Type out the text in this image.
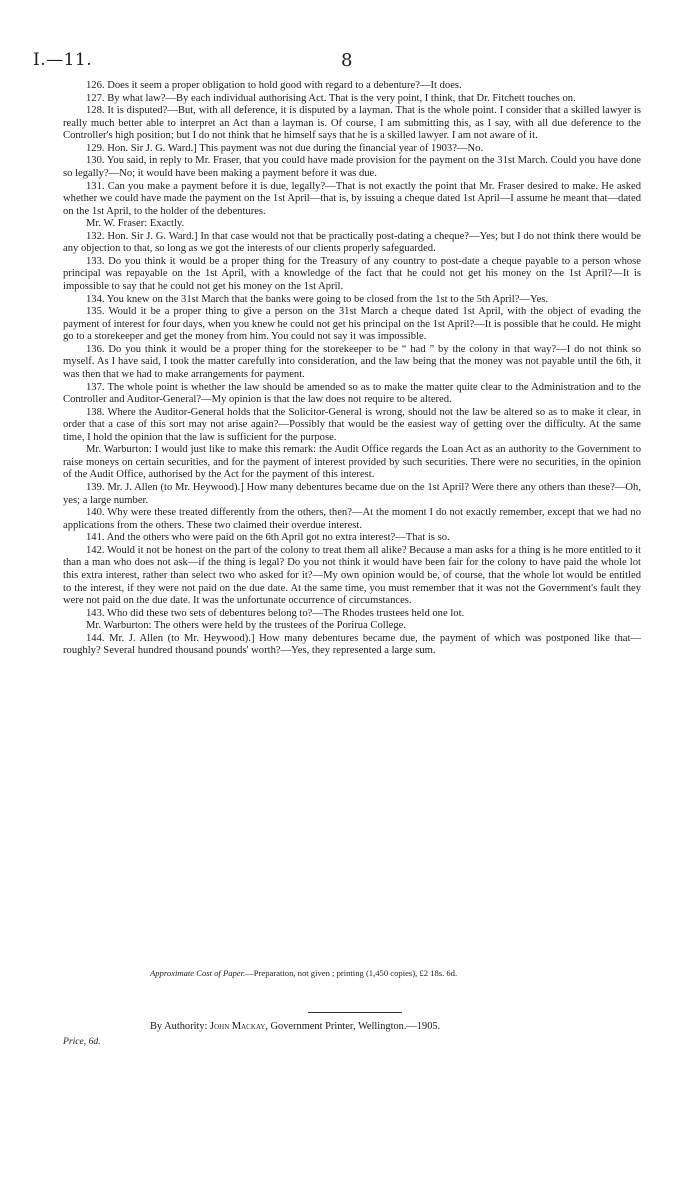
I.—11.	8

126. Does it seem a proper obligation to hold good with regard to a debenture?—It does.

127. By what law?—By each individual authorising Act. That is the very point, I think, that Dr. Fitchett touches on.

128. It is disputed?—But, with all deference, it is disputed by a layman. That is the whole point. I consider that a skilled lawyer is really much better able to interpret an Act than a layman is. Of course, I am submitting this, as I say, with all due deference to the Controller's high position; but I do not think that he himself says that he is a skilled lawyer. I am not aware of it.

129. Hon. Sir J. G. Ward.] This payment was not due during the financial year of 1903?—No.

130. You said, in reply to Mr. Fraser, that you could have made provision for the payment on the 31st March. Could you have done so legally?—No; it would have been making a payment before it was due.

131. Can you make a payment before it is due, legally?—That is not exactly the point that Mr. Fraser desired to make. He asked whether we could have made the payment on the 1st April—that is, by issuing a cheque dated 1st April—I assume he meant that—dated on the 1st April, to the holder of the debentures.

Mr. W. Fraser: Exactly.

132. Hon. Sir J. G. Ward.] In that case would not that be practically post-dating a cheque?—Yes; but I do not think there would be any objection to that, so long as we got the interests of our clients properly safeguarded.

133. Do you think it would be a proper thing for the Treasury of any country to post-date a cheque payable to a person whose principal was repayable on the 1st April, with a knowledge of the fact that he could not get his money on the 1st April?—It is impossible to say that he could not get his money on the 1st April.

134. You knew on the 31st March that the banks were going to be closed from the 1st to the 5th April?—Yes.

135. Would it be a proper thing to give a person on the 31st March a cheque dated 1st April, with the object of evading the payment of interest for four days, when you knew he could not get his principal on the 1st April?—It is possible that he could. He might go to a storekeeper and get the money from him. You could not say it was impossible.

136. Do you think it would be a proper thing for the storekeeper to be “ had ” by the colony in that way?—I do not think so myself. As I have said, I took the matter carefully into consideration, and the law being that the money was not payable until the 6th, it was then that we had to make arrangements for payment.

137. The whole point is whether the law should be amended so as to make the matter quite clear to the Administration and to the Controller and Auditor-General?—My opinion is that the law does not require to be altered.

138. Where the Auditor-General holds that the Solicitor-General is wrong, should not the law be altered so as to make it clear, in order that a case of this sort may not arise again?—Possibly that would be the easiest way of getting over the difficulty. At the same time, I hold the opinion that the law is sufficient for the purpose.

Mr. Warburton: I would just like to make this remark: the Audit Office regards the Loan Act as an authority to the Government to raise moneys on certain securities, and for the payment of interest provided by such securities. There were no securities, in the opinion of the Audit Office, authorised by the Act for the payment of this interest.

139. Mr. J. Allen (to Mr. Heywood).] How many debentures became due on the 1st April? Were there any others than these?—Oh, yes; a large number.

140. Why were these treated differently from the others, then?—At the moment I do not exactly remember, except that we had no applications from the others. These two claimed their overdue interest.

141. And the others who were paid on the 6th April got no extra interest?—That is so.

142. Would it not be honest on the part of the colony to treat them all alike? Because a man asks for a thing is he more entitled to it than a man who does not ask—if the thing is legal? Do you not think it would have been fair for the colony to have paid the whole lot this extra interest, rather than select two who asked for it?—My own opinion would be, of course, that the whole lot would be entitled to the interest, if they were not paid on the due date. At the same time, you must remember that it was not the Government's fault they were not paid on the due date. It was the unfortunate occurrence of circumstances.

143. Who did these two sets of debentures belong to?—The Rhodes trustees held one lot.

Mr. Warburton: The others were held by the trustees of the Porirua College.

144. Mr. J. Allen (to Mr. Heywood).] How many debentures became due, the payment of which was postponed like that—roughly? Several hundred thousand pounds' worth?—Yes, they represented a large sum.

Approximate Cost of Paper.—Preparation, not given ; printing (1,450 copies), £2 18s. 6d.
By Authority: John Mackay, Government Printer, Wellington.—1905.
Price, 6d.
